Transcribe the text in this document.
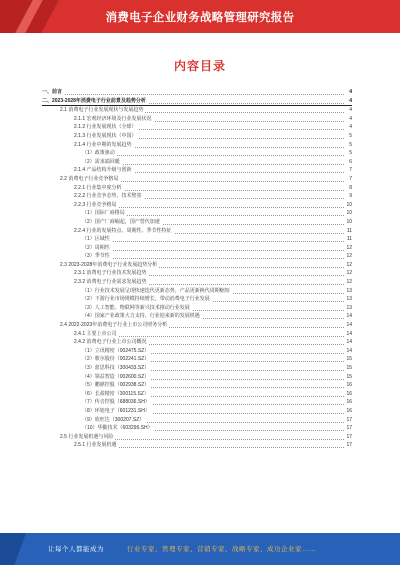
消费电子企业财务战略管理研究报告
内容目录
一、前言	4
二、2023-2028年消费电子行业前景及趋势分析	4
2.1 消费电子行业发展现状与发展趋势	4
2.1.1 宏观经济环境及行业发展状况	4
2.1.2 行业发展现状（全球）	4
2.1.3 行业发展现状（中国）	5
2.1.4 行业中期的发展趋势	5
（1）政策驱动	5
（2）需求端回暖	6
2.1.4 产品结构升级与创新	7
2.2 消费电子行业竞争格局	7
2.2.1 行业集中度分析	8
2.2.2 行业竞争态势、技术壁垒	9
2.2.3 行业竞争格局	10
（1）国际厂商格局	10
（2）国产厂商崛起，国产替代加速	10
2.2.4 行业的发展特点、周期性、季节性特征	11
（1）区域性	11
（2）周期性	12
（3）季节性	12
2.3 2023-2028年消费电子行业发展趋势分析	12
2.3.1 消费电子行业技术发展趋势	12
2.3.2 消费电子行业需求发展趋势	12
（1）行业技术发展呈现快速迭代更新态势，产品更新换代周期缩短	13
（2）下游行业市场规模持续增长，带动消费电子行业发展	13
（3）人工智能、物联网等新兴技术推动行业发展	13
（4）国家产业政策大力支持，行业迎来新的发展机遇	14
2.4 2022-2023年消费电子行业上市公司财务分析	14
2.4.1 主要上市公司	14
2.4.2 消费电子行业上市公司概况	14
（1）立讯精密（002475.SZ）	14
（2）歌尔股份（002241.SZ）	15
（3）蓝思科技（300433.SZ）	15
（4）领益智造（002600.SZ）	15
（5）鹏鼎控股（002938.SZ）	16
（6）长盈精密（300115.SZ）	16
（7）传音控股（688036.SH）	16
（8）环旭电子（601231.SH）	16
（9）欣旺达（300207.SZ）	17
（10）华勤技术（603296.SH）	17
2.5 行业发展机遇与风险	17
2.5.1 行业发展机遇	17
让每个人都能成为	行业专家、管理专家、营销专家、战略专家、成功企业家……
